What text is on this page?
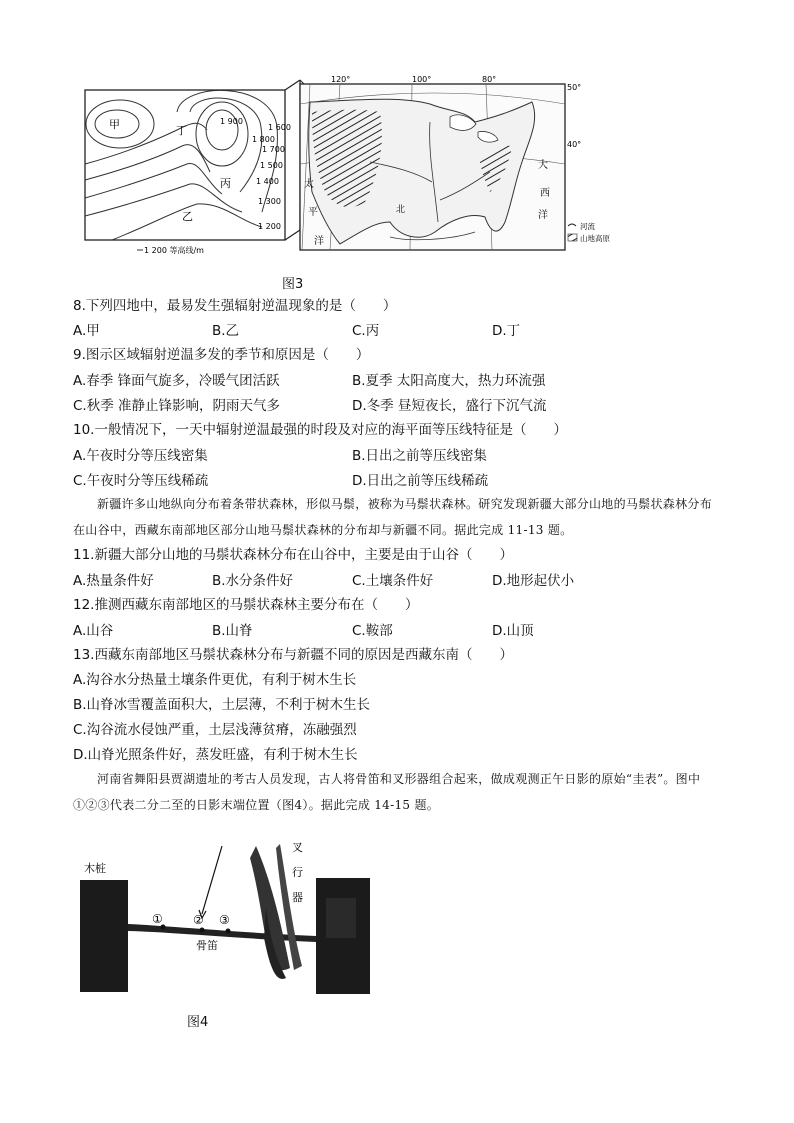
甲	丁
丙
乙
1 900
1 800
1 700
1 600
1 500
1 400
1 300
1 200
1 200 等高线/m
120°	100°	80°
50°
40°
太
平
洋
大
西
洋
北
河流
山地高原
图3
8.下列四地中，最易发生强辐射逆温现象的是（　　）
A.甲	B.乙	C.丙	D.丁
9.图示区域辐射逆温多发的季节和原因是（　　）
A.春季 锋面气旋多，冷暖气团活跃	B.夏季 太阳高度大，热力环流强
C.秋季 准静止锋影响，阴雨天气多	D.冬季 昼短夜长，盛行下沉气流
10.一般情况下，一天中辐射逆温最强的时段及对应的海平面等压线特征是（　　）
A.午夜时分等压线密集	B.日出之前等压线密集
C.午夜时分等压线稀疏	D.日出之前等压线稀疏
新疆许多山地纵向分布着条带状森林，形似马鬃，被称为马鬃状森林。研究发现新疆大部分山地的马鬃状森林分布在山谷中，西藏东南部地区部分山地马鬃状森林的分布却与新疆不同。据此完成 11-13 题。
11.新疆大部分山地的马鬃状森林分布在山谷中，主要是由于山谷（　　）
A.热量条件好	B.水分条件好	C.土壤条件好	D.地形起伏小
12.推测西藏东南部地区的马鬃状森林主要分布在（　　）
A.山谷	B.山脊	C.鞍部	D.山顶
13.西藏东南部地区马鬃状森林分布与新疆不同的原因是西藏东南（　　）
A.沟谷水分热量土壤条件更优，有利于树木生长
B.山脊冰雪覆盖面积大，土层薄，不利于树木生长
C.沟谷流水侵蚀严重，土层浅薄贫瘠，冻融强烈
D.山脊光照条件好，蒸发旺盛，有利于树木生长
河南省舞阳县贾湖遗址的考古人员发现，古人将骨笛和叉形器组合起来，做成观测正午日影的原始“圭表”。图中①②③代表二分二至的日影末端位置（图4）。据此完成 14-15 题。
木桩
①	② ③
骨笛
叉
行
器
图4
